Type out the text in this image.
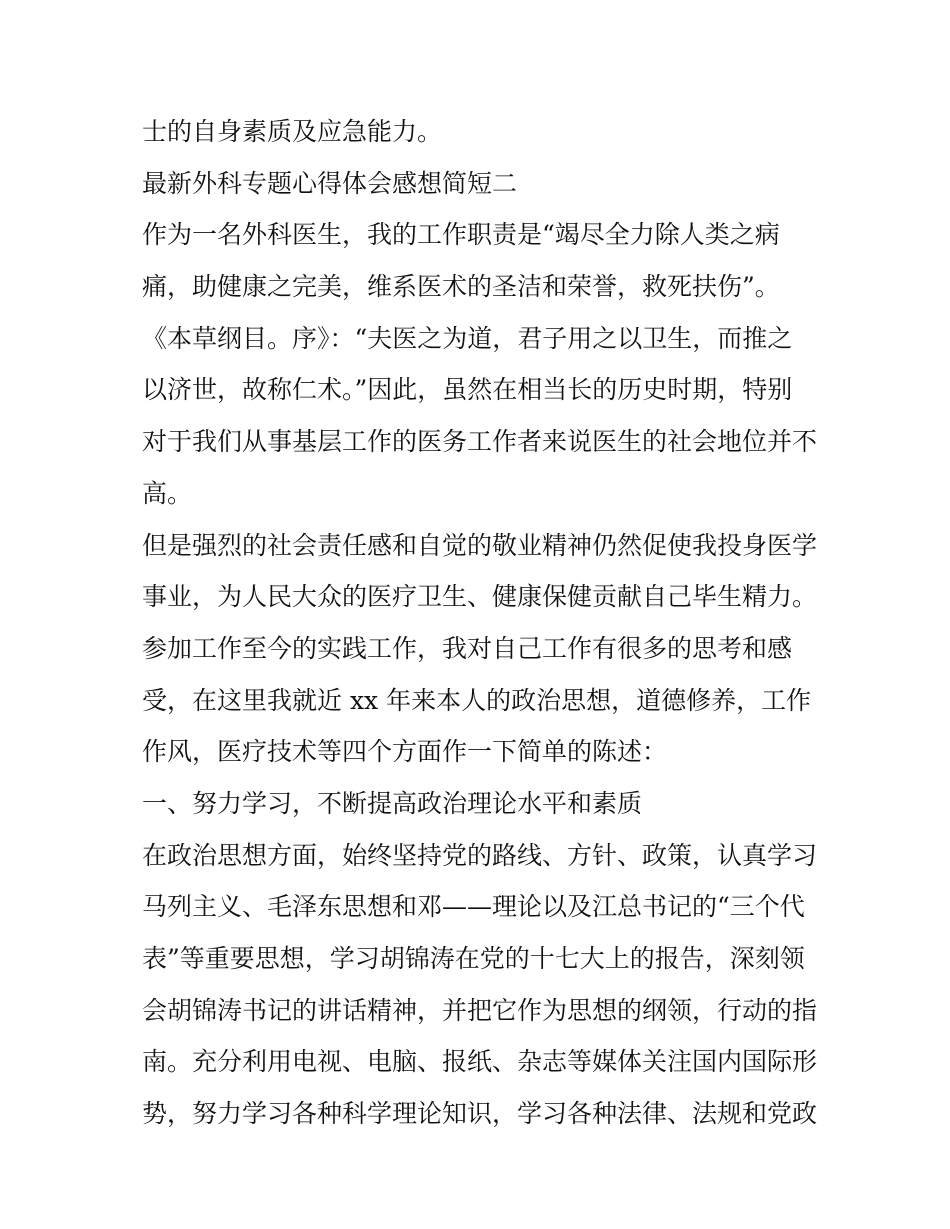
士的自身素质及应急能力。
最新外科专题心得体会感想简短二
作为一名外科医生，我的工作职责是“竭尽全力除人类之病
痛，助健康之完美，维系医术的圣洁和荣誉，救死扶伤”。
《本草纲目。序》：“夫医之为道，君子用之以卫生，而推之
以济世，故称仁术。”因此，虽然在相当长的历史时期，特别
对于我们从事基层工作的医务工作者来说医生的社会地位并不
高。
但是强烈的社会责任感和自觉的敬业精神仍然促使我投身医学
事业，为人民大众的医疗卫生、健康保健贡献自己毕生精力。
参加工作至今的实践工作，我对自己工作有很多的思考和感
受，在这里我就近 xx 年来本人的政治思想，道德修养，工作
作风，医疗技术等四个方面作一下简单的陈述：
一、努力学习，不断提高政治理论水平和素质
在政治思想方面，始终坚持党的路线、方针、政策，认真学习
马列主义、毛泽东思想和邓——理论以及江总书记的“三个代
表”等重要思想，学习胡锦涛在党的十七大上的报告，深刻领
会胡锦涛书记的讲话精神，并把它作为思想的纲领，行动的指
南。充分利用电视、电脑、报纸、杂志等媒体关注国内国际形
势，努力学习各种科学理论知识，学习各种法律、法规和党政
